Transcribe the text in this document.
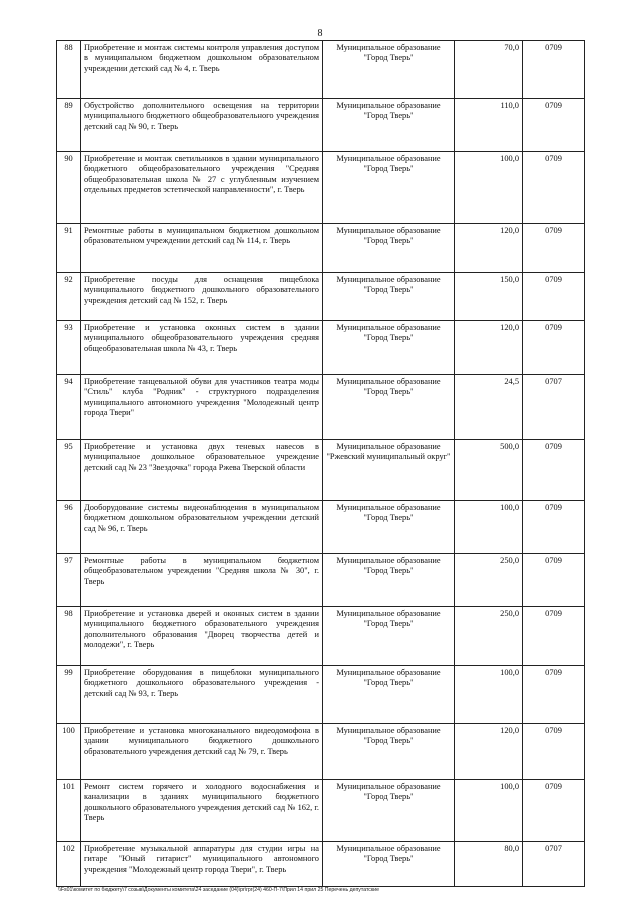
8
88	Приобретение и монтаж системы контроля управления доступом в муниципальном бюджетном дошкольном образовательном учреждении детский сад № 4, г. Тверь	Муниципальное образование "Город Тверь"	70,0	0709
89	Обустройство дополнительного освещения на территории муниципального бюджетного общеобразовательного учреждения детский сад № 90, г. Тверь	Муниципальное образование "Город Тверь"	110,0	0709
90	Приобретение и монтаж светильников в здании муниципального бюджетного общеобразовательного учреждения "Средняя общеобразовательная школа № 27 с углубленным изучением отдельных предметов эстетической направленности", г. Тверь	Муниципальное образование "Город Тверь"	100,0	0709
91	Ремонтные работы в муниципальном бюджетном дошкольном образовательном учреждении детский сад № 114, г. Тверь	Муниципальное образование "Город Тверь"	120,0	0709
92	Приобретение посуды для оснащения пищеблока муниципального бюджетного дошкольного образовательного учреждения детский сад № 152, г. Тверь	Муниципальное образование "Город Тверь"	150,0	0709
93	Приобретение и установка оконных систем в здании муниципального общеобразовательного учреждения средняя общеобразовательная школа № 43, г. Тверь	Муниципальное образование "Город Тверь"	120,0	0709
94	Приобретение танцевальной обуви для участников театра моды "Стиль" клуба "Родник" - структурного подразделения муниципального автономного учреждения "Молодежный центр города Твери"	Муниципальное образование "Город Тверь"	24,5	0707
95	Приобретение и установка двух теневых навесов в муниципальное дошкольное образовательное учреждение детский сад № 23 "Звездочка" города Ржева Тверской области	Муниципальное образование "Ржевский муниципальный округ"	500,0	0709
96	Дооборудование системы видеонаблюдения в муниципальном бюджетном дошкольном образовательном учреждении детский сад № 96, г. Тверь	Муниципальное образование "Город Тверь"	100,0	0709
97	Ремонтные работы в муниципальном бюджетном общеобразовательном учреждении "Средняя школа № 30", г. Тверь	Муниципальное образование "Город Тверь"	250,0	0709
98	Приобретение и установка дверей и оконных систем в здании муниципального бюджетного образовательного учреждения дополнительного образования "Дворец творчества детей и молодежи", г. Тверь	Муниципальное образование "Город Тверь"	250,0	0709
99	Приобретение оборудования в пищеблоки муниципального бюджетного дошкольного образовательного учреждения - детский сад № 93, г. Тверь	Муниципальное образование "Город Тверь"	100,0	0709
100	Приобретение и установка многоканального видеодомофона в здании муниципального бюджетного дошкольного образовательного учреждения детский сад № 79, г. Тверь	Муниципальное образование "Город Тверь"	120,0	0709
101	Ремонт систем горячего и холодного водоснабжения и канализации в зданиях муниципального бюджетного дошкольного образовательного учреждения детский сад № 162, г. Тверь	Муниципальное образование "Город Тверь"	100,0	0709
102	Приобретение музыкальной аппаратуры для студии игры на гитаре "Юный гитарист" муниципального автономного учреждения "Молодежный центр города Твери", г. Тверь	Муниципальное образование "Город Тверь"	80,0	0707
\\Fs01\комитет по бюджету\7 созыв\Документы комитета\24 заседание (04)\pr\rpr(24) 460-П-7\Прил 14 прил 25 Перечень депутатские
